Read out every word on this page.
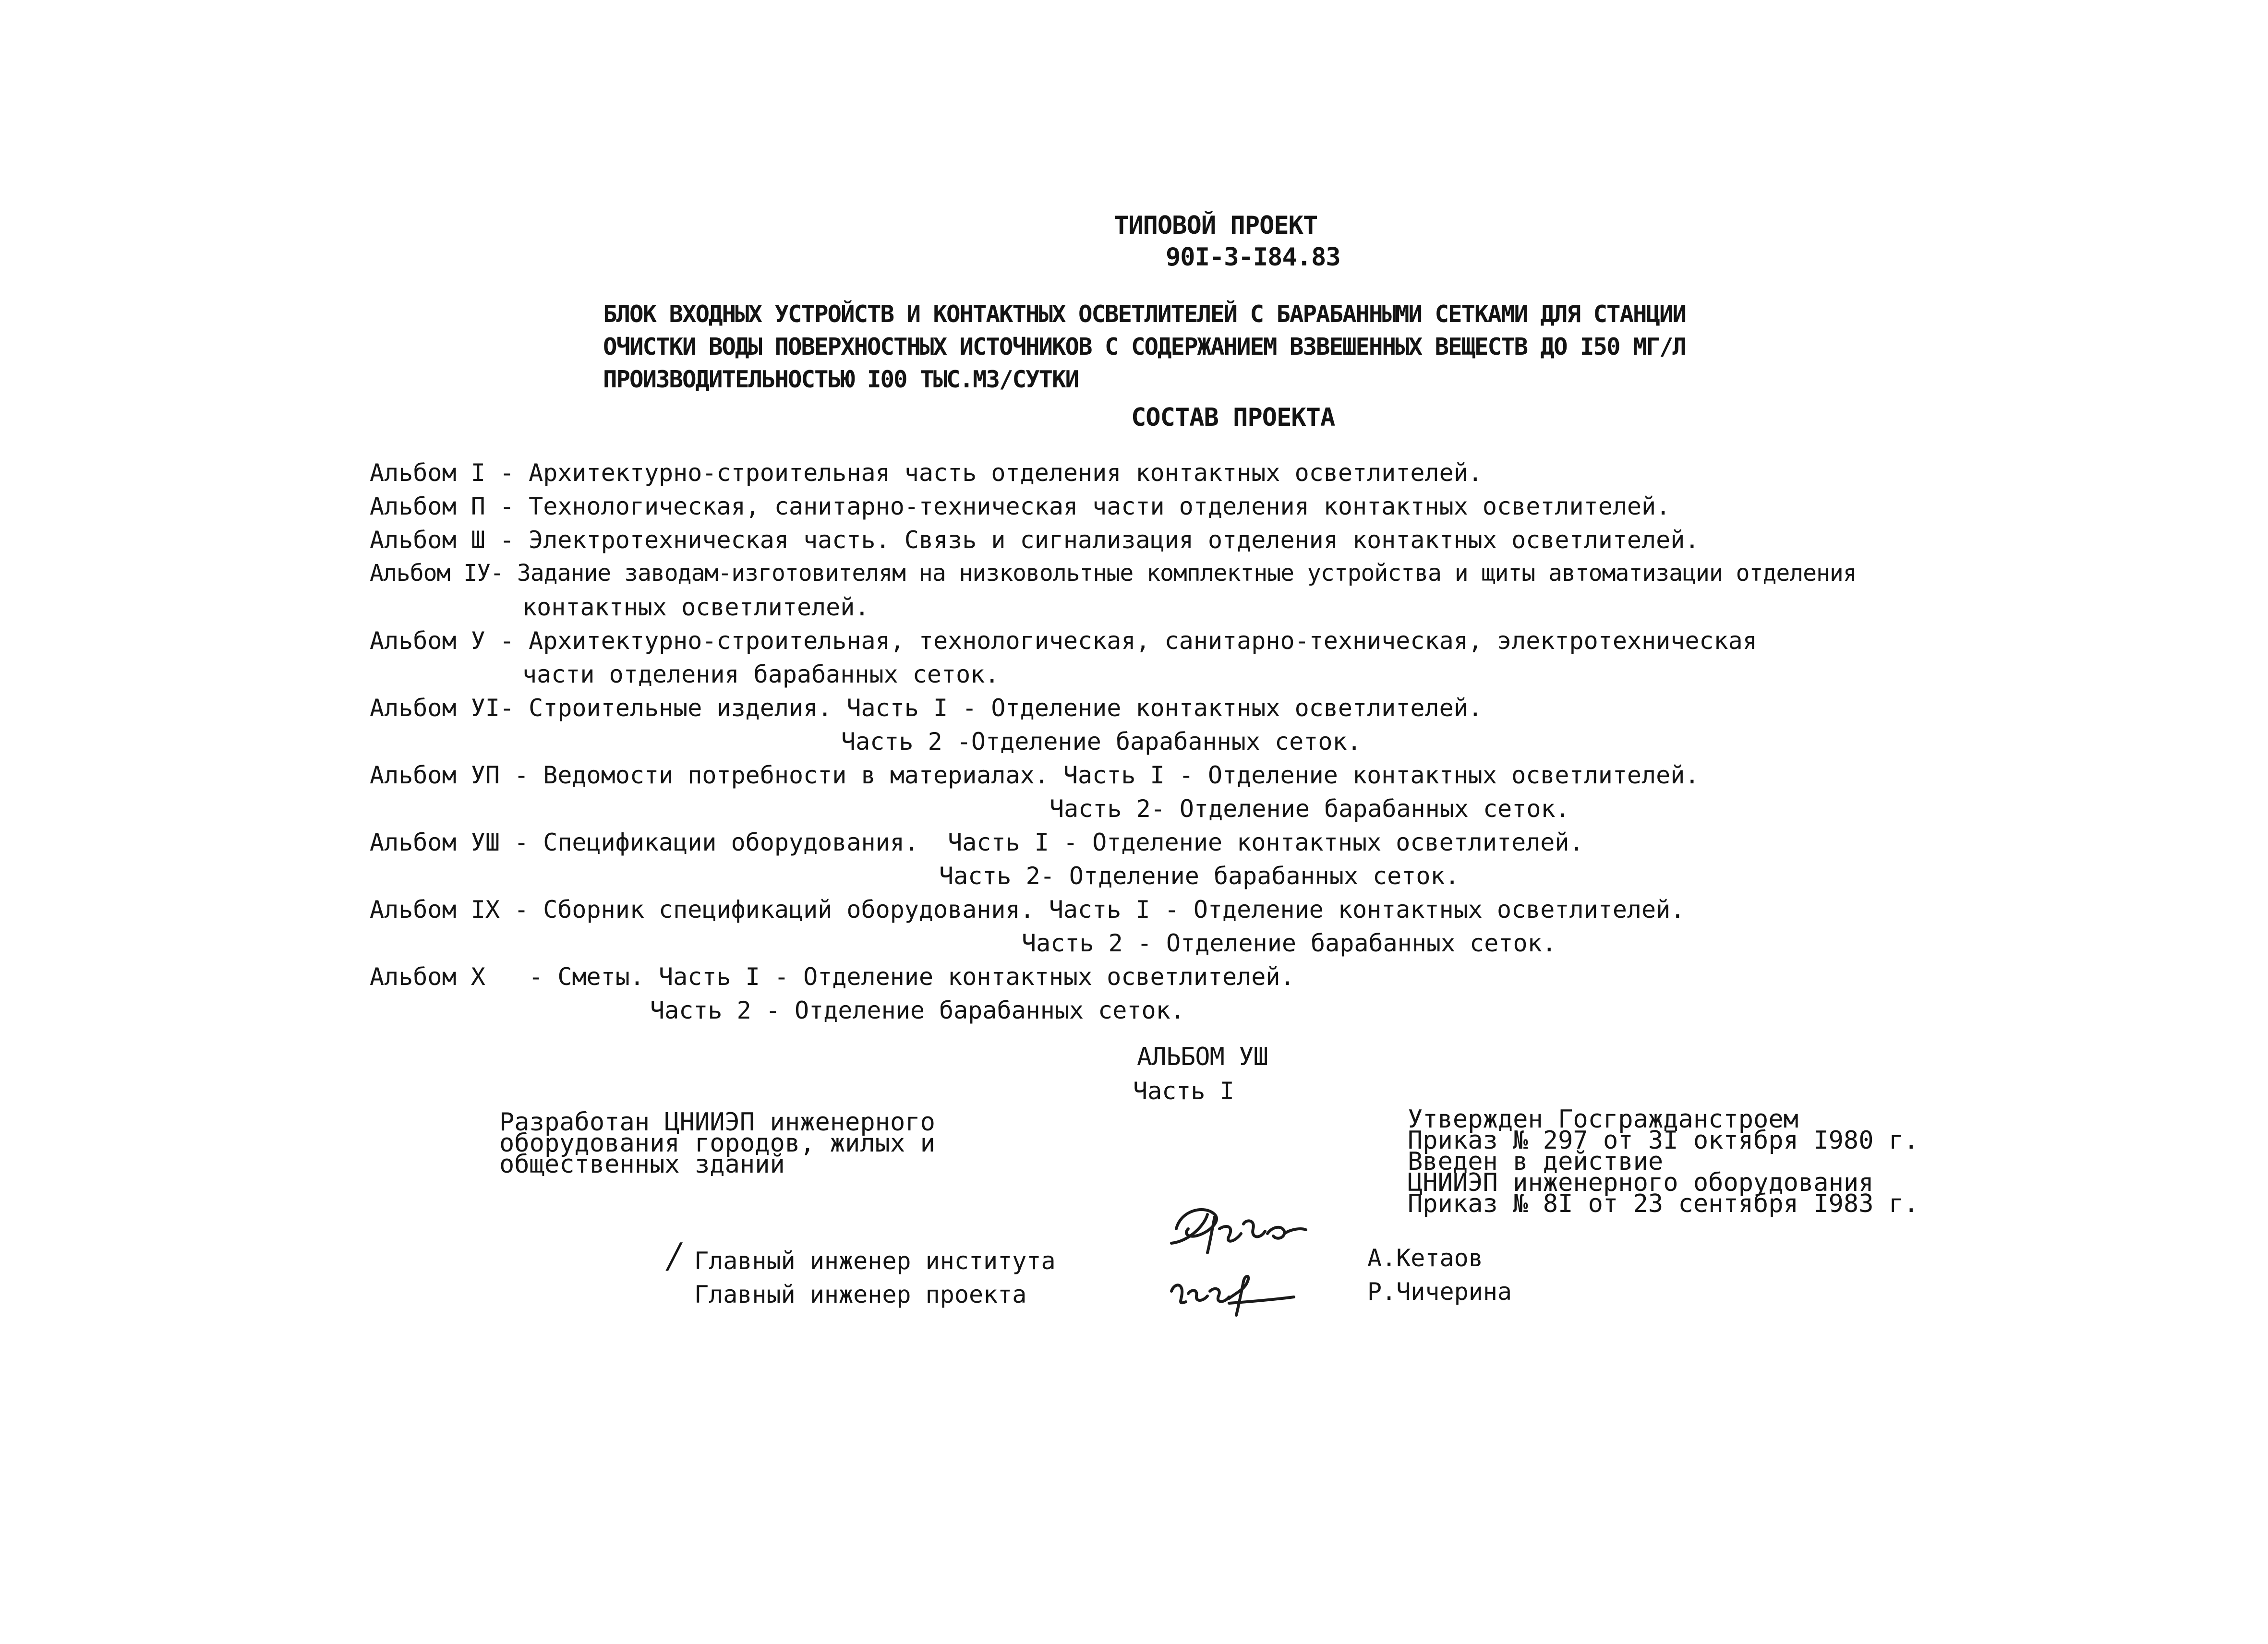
ТИПОВОЙ ПРОЕКТ
90I-3-I84.83
БЛОК ВХОДНЫХ УСТРОЙСТВ И КОНТАКТНЫХ ОСВЕТЛИТЕЛЕЙ С БАРАБАННЫМИ СЕТКАМИ ДЛЯ СТАНЦИИ
ОЧИСТКИ ВОДЫ ПОВЕРХНОСТНЫХ ИСТОЧНИКОВ С СОДЕРЖАНИЕМ ВЗВЕШЕННЫХ ВЕЩЕСТВ ДО I50 МГ/Л
ПРОИЗВОДИТЕЛЬНОСТЬЮ I00 ТЫС.МЗ/СУТКИ
СОСТАВ ПРОЕКТА
Альбом I - Архитектурно-строительная часть отделения контактных осветлителей.
Альбом П - Технологическая, санитарно-техническая части отделения контактных осветлителей.
Альбом Ш - Электротехническая часть. Связь и сигнализация отделения контактных осветлителей.
Альбом IУ- Задание заводам-изготовителям на низковольтные комплектные устройства и щиты автоматизации отделения
контактных осветлителей.
Альбом У - Архитектурно-строительная, технологическая, санитарно-техническая, электротехническая
части отделения барабанных сеток.
Альбом УI- Строительные изделия. Часть I - Отделение контактных осветлителей.
Часть 2 -Отделение барабанных сеток.
Альбом УП - Ведомости потребности в материалах. Часть I - Отделение контактных осветлителей.
Часть 2- Отделение барабанных сеток.
Альбом УШ - Спецификации оборудования.  Часть I - Отделение контактных осветлителей.
Часть 2- Отделение барабанных сеток.
Альбом IX - Сборник спецификаций оборудования. Часть I - Отделение контактных осветлителей.
Часть 2 - Отделение барабанных сеток.
Альбом X   - Сметы. Часть I - Отделение контактных осветлителей.
Часть 2 - Отделение барабанных сеток.
АЛЬБОМ УШ
Часть I
Разработан ЦНИИЭП инженерного
оборудования городов, жилых и
общественных зданий
Утвержден Госгражданстроем
Приказ № 297 от 3I октября I980 г.
Введен в действие
ЦНИИЭП инженерного оборудования
Приказ № 8I от 23 сентября I983 г.
/ Главный инженер института
Главный инженер проекта
А.Кетаов
Р.Чичерина
